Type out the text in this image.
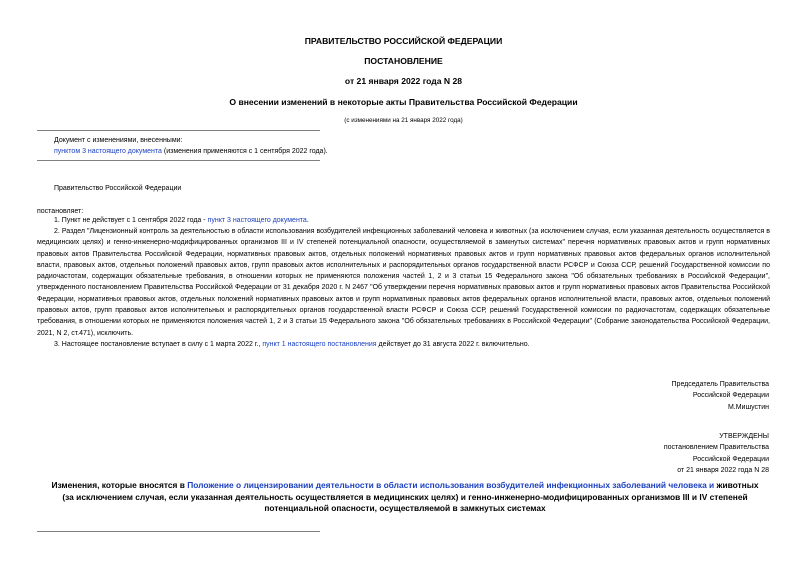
ПРАВИТЕЛЬСТВО РОССИЙСКОЙ ФЕДЕРАЦИИ
ПОСТАНОВЛЕНИЕ
от 21 января 2022 года N 28
О внесении изменений в некоторые акты Правительства Российской Федерации
(с изменениями на 21 января 2022 года)
Документ с изменениями, внесенными:
пунктом 3 настоящего документа (изменения применяются с 1 сентября 2022 года).
Правительство Российской Федерации
постановляет:
1. Пункт не действует с 1 сентября 2022 года - пункт 3 настоящего документа.
2. Раздел "Лицензионный контроль за деятельностью в области использования возбудителей инфекционных заболеваний человека и животных (за исключением случая, если указанная деятельность осуществляется в медицинских целях) и генно-инженерно-модифицированных организмов III и IV степеней потенциальной опасности, осуществляемой в замкнутых системах" перечня нормативных правовых актов и групп нормативных правовых актов Правительства Российской Федерации, нормативных правовых актов, отдельных положений нормативных правовых актов и групп нормативных правовых актов федеральных органов исполнительной власти, правовых актов, отдельных положений правовых актов, групп правовых актов исполнительных и распорядительных органов государственной власти РСФСР и Союза ССР, решений Государственной комиссии по радиочастотам, содержащих обязательные требования, в отношении которых не применяются положения частей 1, 2 и 3 статьи 15 Федерального закона "Об обязательных требованиях в Российской Федерации", утвержденного постановлением Правительства Российской Федерации от 31 декабря 2020 г. N 2467 "Об утверждении перечня нормативных правовых актов и групп нормативных правовых актов Правительства Российской Федерации, нормативных правовых актов, отдельных положений нормативных правовых актов и групп нормативных правовых актов федеральных органов исполнительной власти, правовых актов, отдельных положений правовых актов, групп правовых актов исполнительных и распорядительных органов государственной власти РСФСР и Союза ССР, решений Государственной комиссии по радиочастотам, содержащих обязательные требования, в отношении которых не применяются положения частей 1, 2 и 3 статьи 15 Федерального закона "Об обязательных требованиях в Российской Федерации" (Собрание законодательства Российской Федерации, 2021, N 2, ст.471), исключить.
3. Настоящее постановление вступает в силу с 1 марта 2022 г., пункт 1 настоящего постановления действует до 31 августа 2022 г. включительно.
Председатель Правительства
Российской Федерации
М.Мишустин
УТВЕРЖДЕНЫ
постановлением Правительства
Российской Федерации
от 21 января 2022 года N 28
Изменения, которые вносятся в Положение о лицензировании деятельности в области использования возбудителей инфекционных заболеваний человека и животных (за исключением случая, если указанная деятельность осуществляется в медицинских целях) и генно-инженерно-модифицированных организмов III и IV степеней потенциальной опасности, осуществляемой в замкнутых системах
